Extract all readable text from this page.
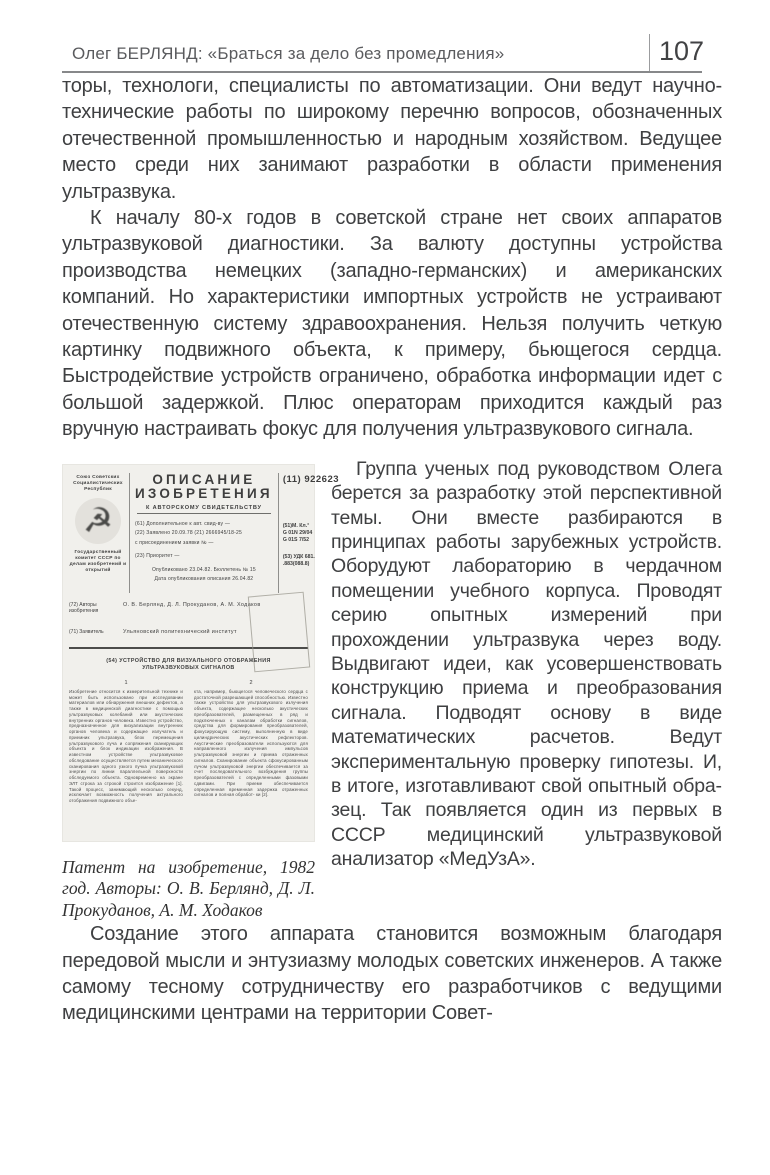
Олег БЕРЛЯНД: «Браться за дело без промедления»	107

торы, технологи, специалисты по автоматизации. Они ведут научно-технические работы по широкому перечню вопросов, обозначенных отечественной промышленностью и народным хозяйством. Ведущее место среди них занимают разработки в области применения ультразвука.

К началу 80-х годов в советской стране нет своих аппаратов ультразвуковой диагностики. За валюту доступны устройства производства немецких (западно-германских) и американских компаний. Но характеристики импортных устройств не устраивают отечественную систему здравоохранения. Нельзя получить четкую картинку подвижного объекта, к примеру, бьющегося сердца. Быстродействие устройств ограничено, обработка информации идет с большой задержкой. Плюс операторам приходится каждый раз вручную настраивать фокус для получения ультразвукового сигнала.

Союз Советских Социалистических Республик
☭
Государственный комитет СССР по делам изобретений и открытий
ОПИСАНИЕ
ИЗОБРЕТЕНИЯ
К АВТОРСКОМУ СВИДЕТЕЛЬСТВУ
(61) Дополнительное к авт. свид-ву —
(22) Заявлено 20.09.78 (21) 2666945/18-25
с присоединением заявки № —
(23) Приоритет —
Опубликовано 23.04.82. Бюллетень № 15
Дата опубликования описания 26.04.82
(11) 922623
(51)М. Кл.³
G 01N 29/04
G 01S 7/52
(53) УДК 681. .883(088.8)
(72) Авторы изобретения
О. В. Берлянд, Д. Л. Прокуданов, А. М. Ходаков
(71) Заявитель	Ульяновский политехнический институт
(54) УСТРОЙСТВО ДЛЯ ВИЗУАЛЬНОГО ОТОБРАЖЕНИЯ УЛЬТРАЗВУКОВЫХ СИГНАЛОВ
1
Изобретение относится к измерительной технике и может быть использовано при исследовании материалов или обнаружения внешних дефектов, а также в медицинской диагностике с помощью ультразвуковых колебаний или акустических внутренних органов человека. Известно устройство, предназначенное для визуализации внутренних органов человека и содержащее излучатель и приемник ультразвука, блок перемещения ультразвукового луча и сопряжения сканирующих объекта и блок индикации изображения. В известном устройстве ультразвуковое обследование осуществляется путем механического сканирования одного узкого пучка ультразвуковой энергии по линии параллельной поверхности обследуемого объекта. Одновременно на экране ЭЛТ строка за строкой строится изображение [1]. Такой процесс, занимающий несколько секунд, исключает возможность получения актуального отображения подвижного объе-
2
кта, например, бьющегося человеческого сердца с достаточной разрешающей способностью. Известно также устройство для ультразвукового излучения объекта, содержащее несколько акустических преобразователей, размещенных в ряд и подключенных к каналам обработки сигналов, средства для формирования преобразователей, фокусирующую систему, выполненную в виде цилиндрических акустических рефлекторов. Акустические преобразователи используются для направленного излучения импульсов ультразвуковой энергии и приема отраженных сигналов. Сканирование объекта сфокусированным лучом ультразвуковой энергии обеспечивается за счет последовательного возбуждения группы преобразователей с определенными фазовыми сдвигами. При приеме обеспечивается определенная временная задержка отраженных сигналов и полная обработ- ки [2].
Патент на изобретение, 1982 год. Авторы: О. В. Берлянд, Д. Л. Прокуданов, А. М. Ходаков
Группа ученых под руководством Олега берется за разработку этой перспективной темы. Они вместе разбираются в принципах работы зарубежных устройств. Оборудуют лабораторию в чердачном помещении учебного корпуса. Проводят серию опытных измерений при прохождении ультразвука через воду. Выдвигают идеи, как усовершенствовать конструкцию приема и преобразования сигнала. Подводят основу в виде математических расчетов. Ведут экспериментальную проверку гипотезы. И, в итоге, изготавливают свой опытный образец. Так появляется один из первых в СССР медицинский ультразвуковой анализатор «МедУзА».

Создание этого аппарата становится возможным благодаря передовой мысли и энтузиазму молодых советских инженеров. А также самому тесному сотрудничеству его разработчиков с ведущими медицинскими центрами на территории Совет-
